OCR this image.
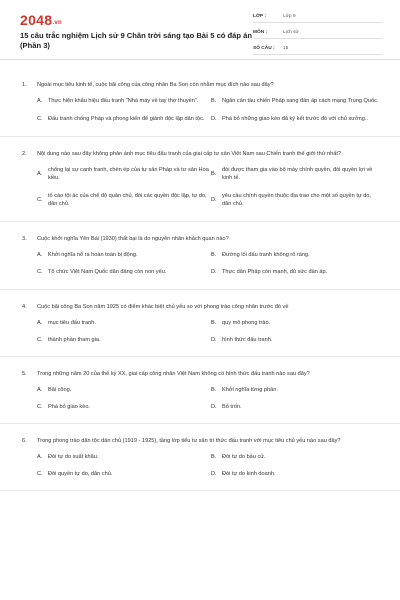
2048.vn
15 câu trắc nghiệm Lịch sử 9 Chân trời sáng tạo Bài 5 có đáp án (Phần 3)
LỚP :	Lớp 9
MÔN :	Lịch sử
SỐ CÂU :	15
1.	Ngoài mục tiêu kinh tế, cuộc bãi công của công nhân Ba Son còn nhằm mục đích nào sau đây?
A.	Thực hiện khẩu hiệu đấu tranh "Nhà máy về tay thợ thuyền".	B.	Ngăn cản tàu chiến Pháp sang đàn áp cách mạng Trung Quốc.
C. Đấu tranh chống Pháp và phong kiến để giành độc lập dân tộc.	D. Phá bỏ những giao kèo đã ký kết trước đó với chủ xưởng..
2.	Nội dung nào sau đây không phản ánh mục tiêu đấu tranh của giai cấp tư sản Việt Nam sau Chiến tranh thế giới thứ nhất?
A.
chống lại sự canh tranh, chèn ép của tư sản Pháp và tư sản Hoa kiều.
B.
đòi được tham gia vào bộ máy chính quyền, đòi quyền lợi về kinh tế.
C.
tố cáo tội ác của chế độ quân chủ, đòi các quyền độc lập, tự do, dân chủ.
D.
yêu cầu chính quyền thuộc địa trao cho một số quyền tự do, dân chủ.
3.	Cuộc khởi nghĩa Yên Bái (1930) thất bại là do nguyên nhân khách quan nào?
A.	Khởi nghĩa nổ ra hoàn toàn bị động.	B.	Đường lối đấu tranh không rõ ràng.
C. Tổ chức Việt Nam Quốc dân đảng còn non yếu.	D. Thực dân Pháp còn mạnh, đủ sức đàn áp.
4.	Cuộc bãi công Ba Son năm 1925 có điểm khác biệt chủ yếu so với phong trào công nhân trước đó về
A.	mục tiêu đấu tranh.	B.	quy mô phong trào.
C. thành phần tham gia.	D. hình thức đấu tranh.
5.	Trong những năm 20 của thế kỷ XX, giai cấp công nhân Việt Nam không có hình thức đấu tranh nào sau đây?
A.	Bãi công.	B.	Khởi nghĩa từng phần.
C. Phá bỏ giao kèo.	D. Bỏ trốn.
6.	Trong phong trào dân tộc dân chủ (1919 - 1925), tầng lớp tiểu tư sản trí thức đấu tranh với mục tiêu chủ yếu nào sau đây?
A.	Đòi tự do xuất khẩu.	B.	Đòi tự do bầu cử.
C. Đòi quyền tự do, dân chủ.	D. Đòi tự do kinh doanh.
